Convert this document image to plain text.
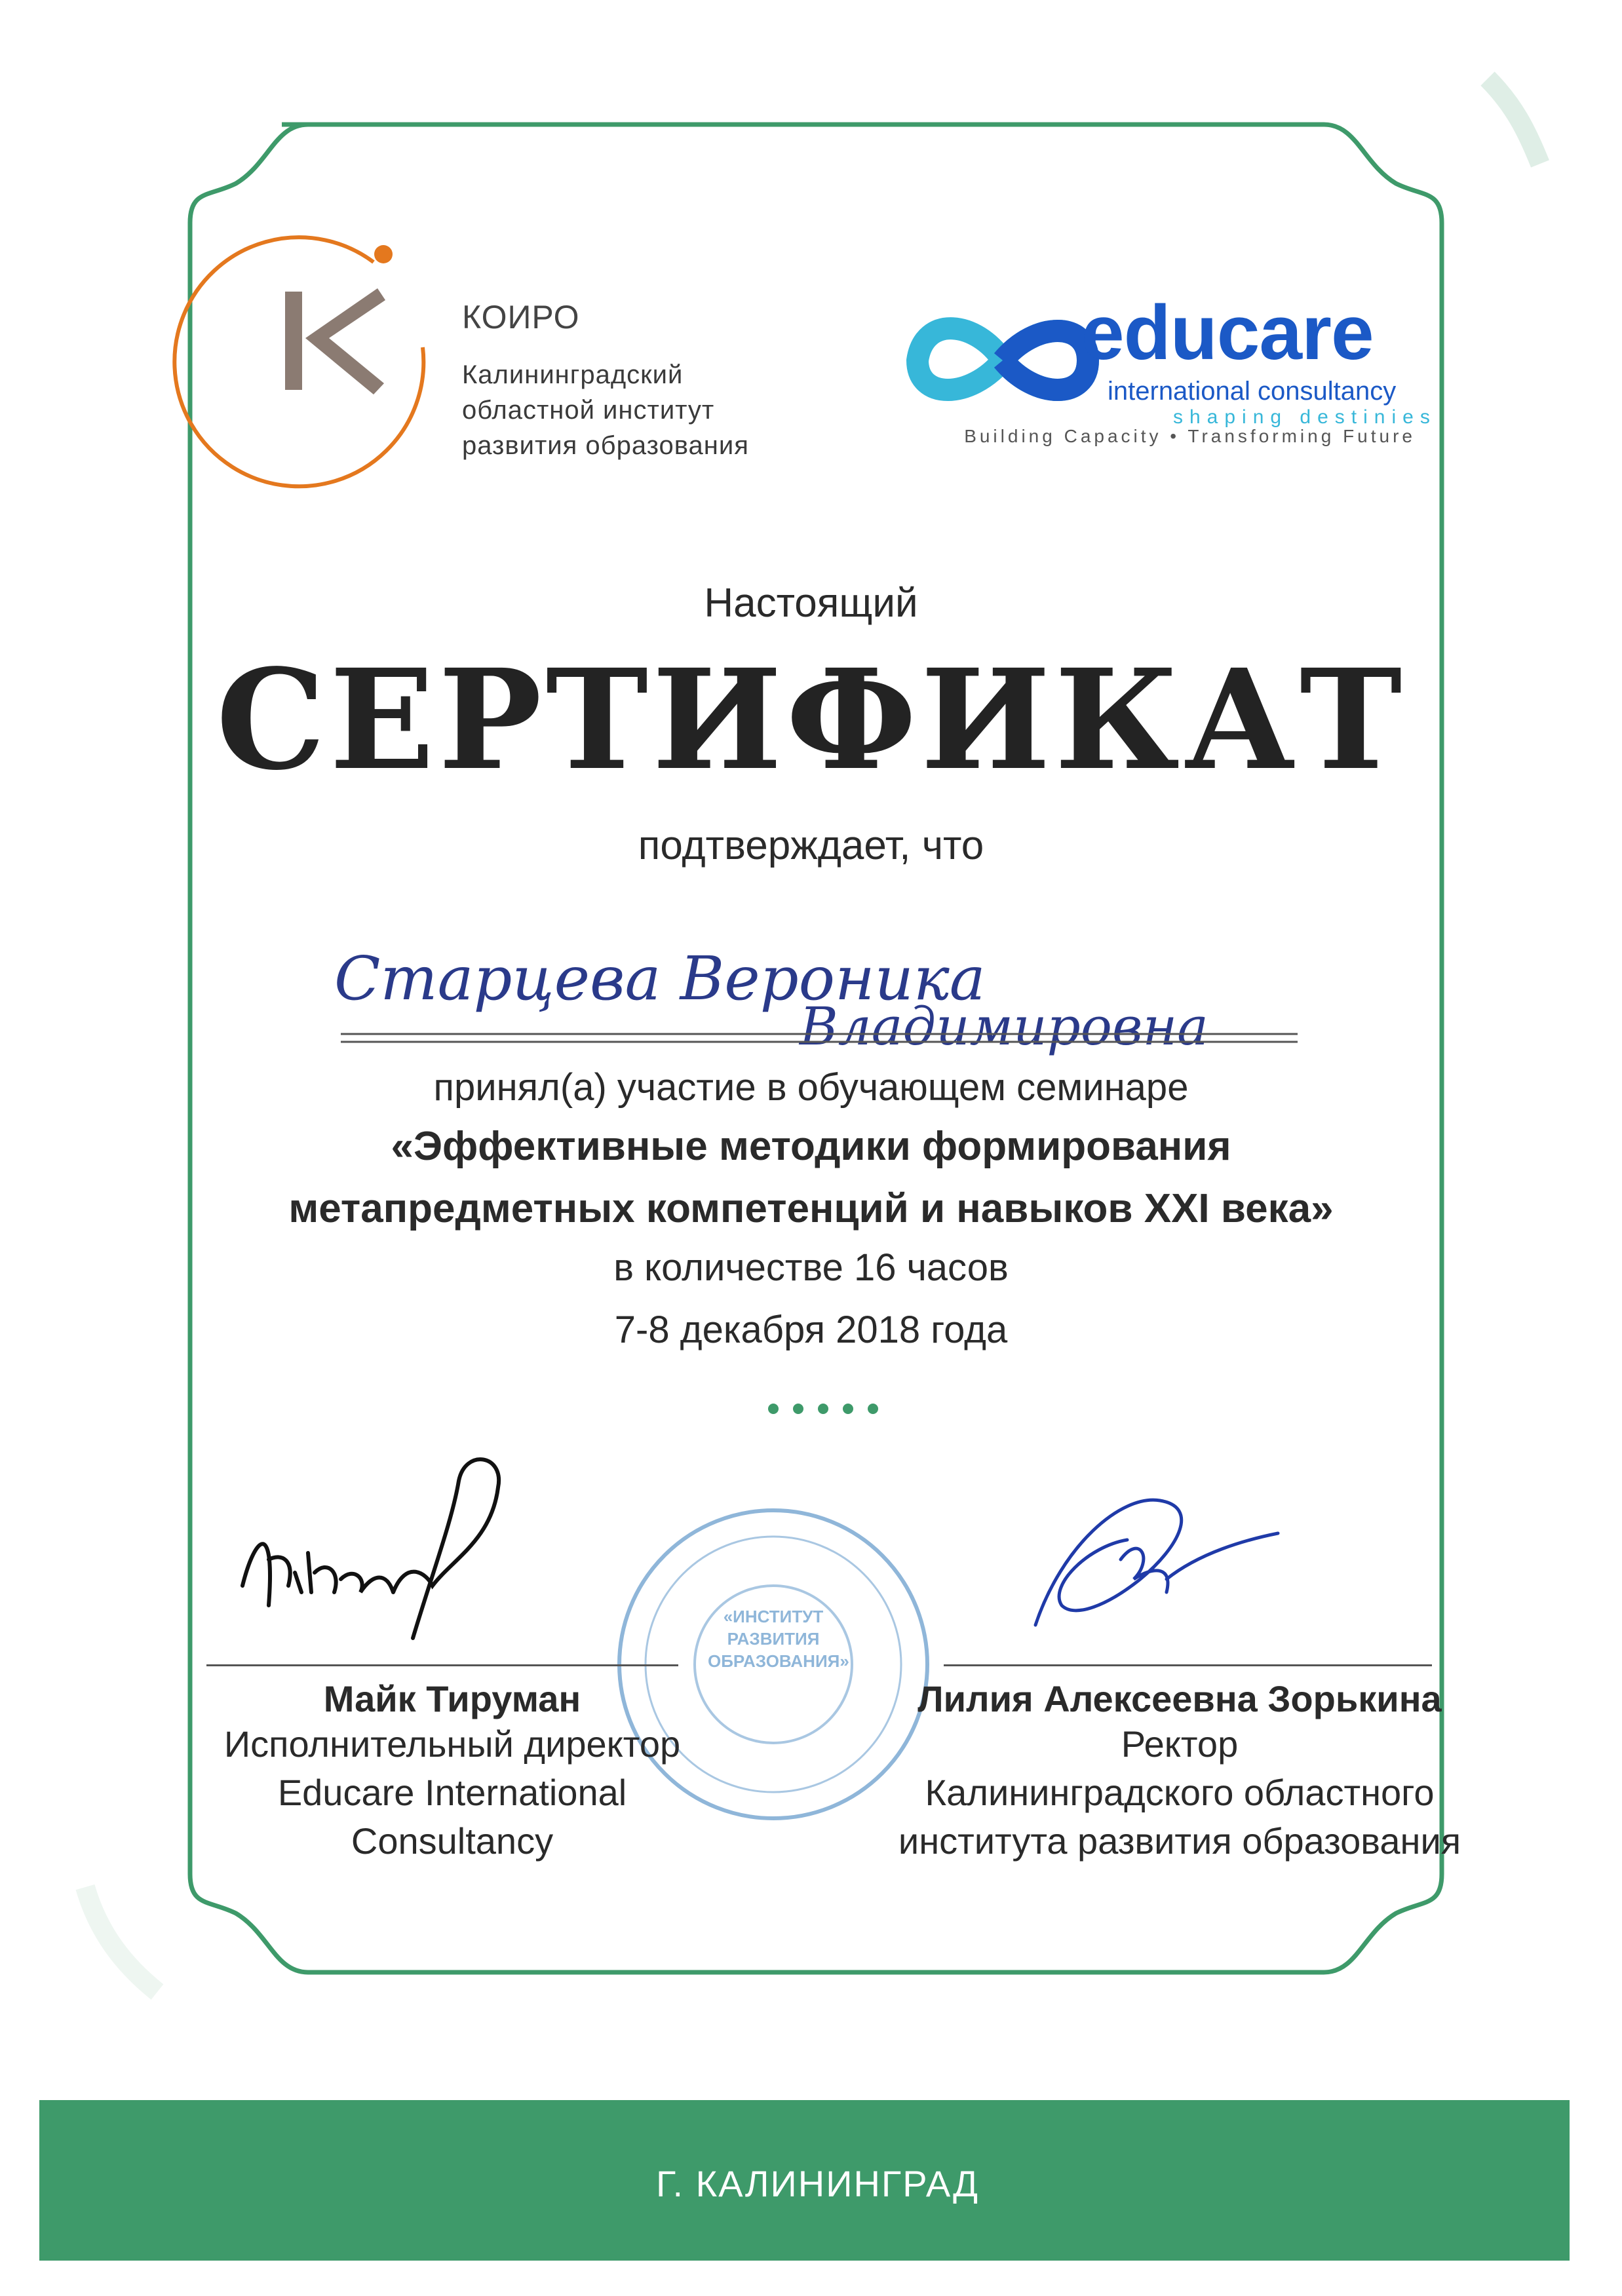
КОИРО
Калининградский
областной институт
развития образования
educare
international consultancy
shaping destinies
Building Capacity • Transforming Future
Настоящий
СЕРТИФИКАТ
подтверждает, что
Старцева Вероника
Владимировна
принял(а) участие в обучающем семинаре
«Эффективные методики формирования
метапредметных компетенций и навыков XXI века»
в количестве 16 часов
7-8 декабря 2018 года
«ИНСТИТУТ
РАЗВИТИЯ
ОБРАЗОВАНИЯ»
Майк Тируман
Исполнительный директор
Educare International
Consultancy
Лилия Алексеевна Зорькина
Ректор
Калининградского областного
института развития образования
Г. КАЛИНИНГРАД
